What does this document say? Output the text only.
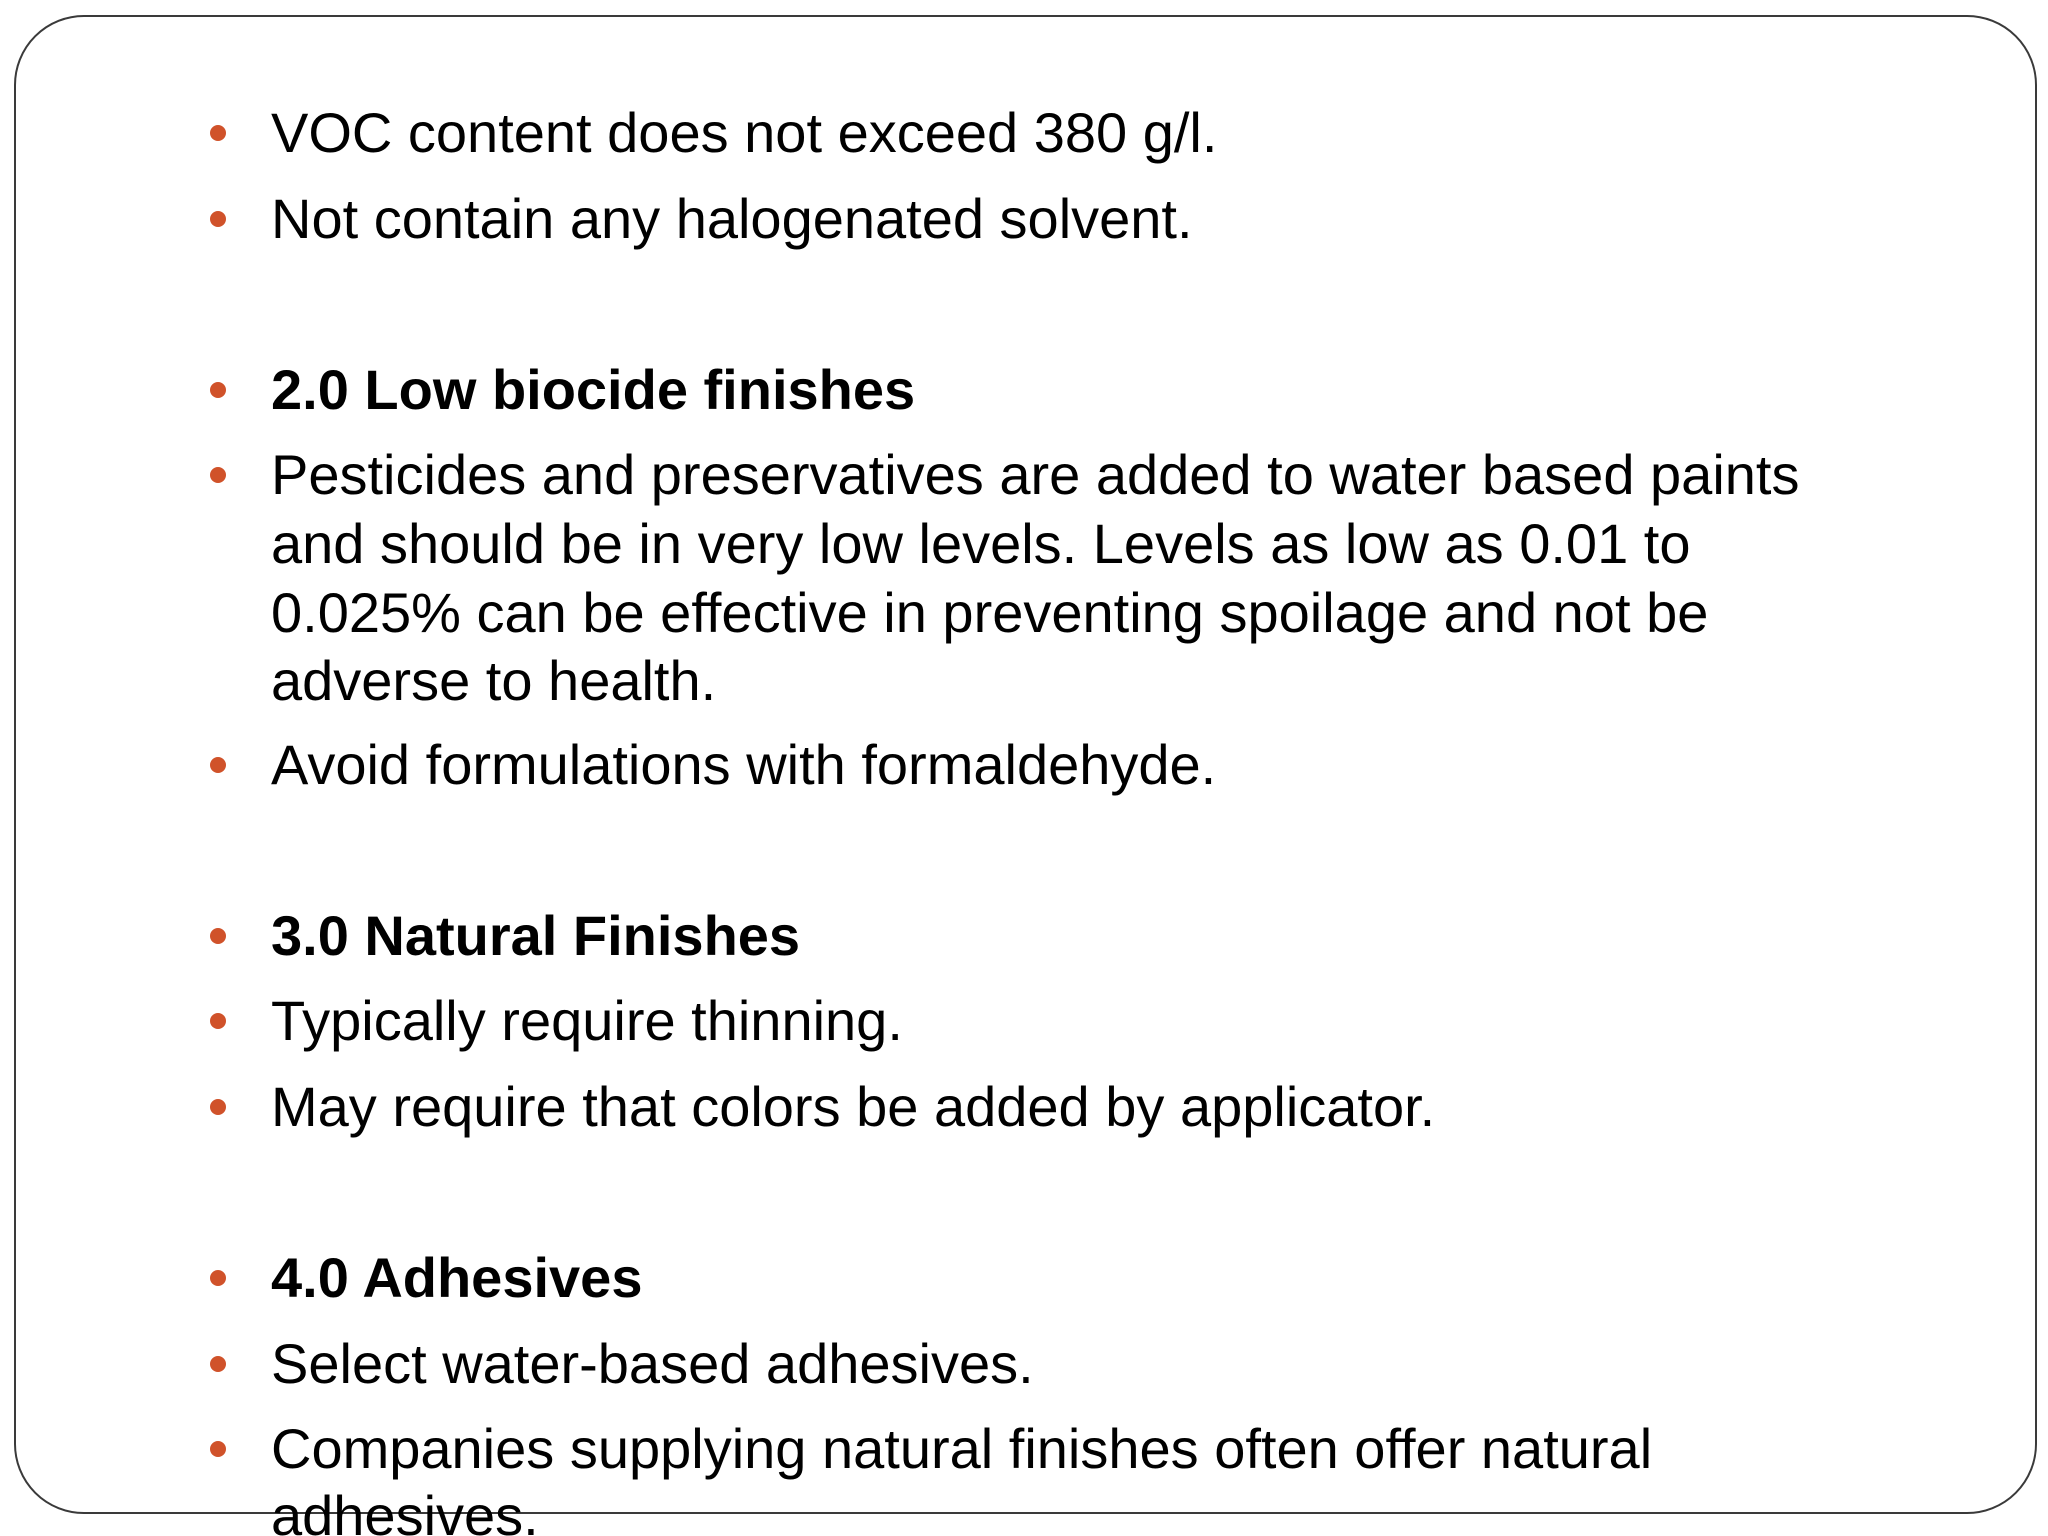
VOC content does not exceed 380 g/l.
Not contain any halogenated solvent.
2.0 Low biocide finishes
Pesticides and preservatives are added to water based paints
and should be in very low levels. Levels as low as 0.01 to
0.025% can be effective in preventing spoilage and not be
adverse to health.
Avoid formulations with formaldehyde.
3.0 Natural Finishes
Typically require thinning.
May require that colors be added by applicator.
4.0 Adhesives
Select water-based adhesives.
Companies supplying natural finishes often offer natural
adhesives.
